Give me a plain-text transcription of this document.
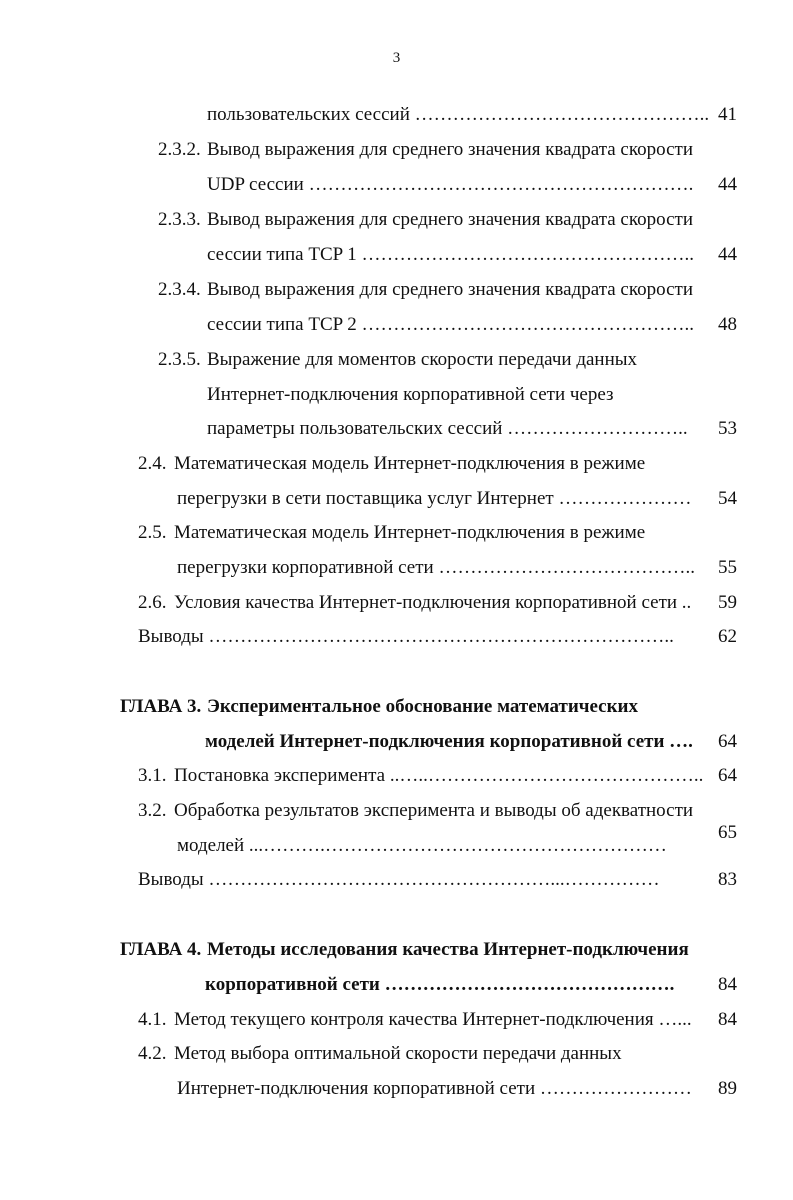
3
пользовательских сессий ……………………………………….. 41
2.3.2. Вывод выражения для среднего значения квадрата скорости
UDP сессии ……………………………………………………. 44
2.3.3. Вывод выражения для среднего значения квадрата скорости
сессии типа TCP 1 …………………………………………….. 44
2.3.4. Вывод выражения для среднего значения квадрата скорости
сессии типа TCP 2 …………………………………………….. 48
2.3.5. Выражение для моментов скорости передачи данных
Интернет-подключения корпоративной сети через
параметры пользовательских сессий ……………………….. 53
2.4. Математическая модель Интернет-подключения в режиме
перегрузки в сети поставщика услуг Интернет ………………… 54
2.5. Математическая модель Интернет-подключения в режиме
перегрузки корпоративной сети ………………………………….. 55
2.6. Условия качества Интернет-подключения корпоративной сети .. 59
Выводы ……………………………………………………………….. 62
ГЛАВА 3. Экспериментальное обоснование математических
моделей Интернет-подключения корпоративной сети …. 64
3.1. Постановка эксперимента ..…..…………………………………….. 64
3.2. Обработка результатов эксперимента и выводы об адекватности
моделей ...……….………………………………………………
65
Выводы ………………………………………………...……………	83
ГЛАВА 4. Методы исследования качества Интернет-подключения
корпоративной сети ………………………………………. 84
4.1. Метод текущего контроля качества Интернет-подключения …... 84
4.2. Метод выбора оптимальной скорости передачи данных
Интернет-подключения корпоративной сети …………………… 89
